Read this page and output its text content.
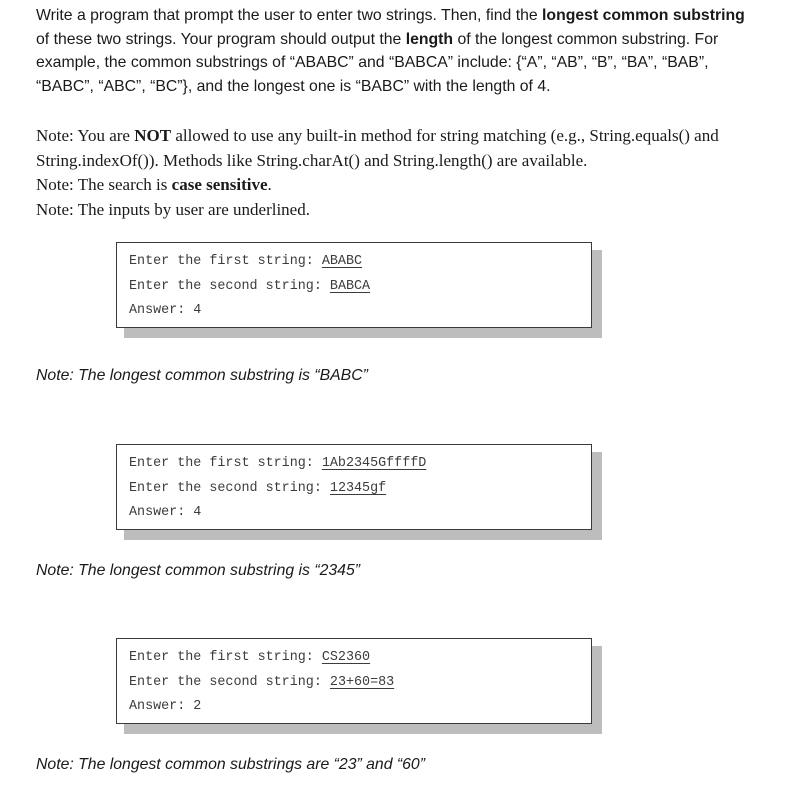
Write a program that prompt the user to enter two strings. Then, find the longest common substring of these two strings. Your program should output the length of the longest common substring. For example, the common substrings of “ABABC” and “BABCA” include: {“A”, “AB”, “B”, “BA”, “BAB”, “BABC”, “ABC”, “BC”}, and the longest one is “BABC” with the length of 4.

Note: You are NOT allowed to use any built-in method for string matching (e.g., String.equals() and String.indexOf()). Methods like String.charAt() and String.length() are available.

Note: The search is case sensitive.

Note: The inputs by user are underlined.

Enter the first string: ABABC
Enter the second string: BABCA
Answer: 4

Note: The longest common substring is “BABC”

Enter the first string: 1Ab2345GffffD
Enter the second string: 12345gf
Answer: 4

Note: The longest common substring is “2345”

Enter the first string: CS2360
Enter the second string: 23+60=83
Answer: 2

Note: The longest common substrings are “23” and “60”
